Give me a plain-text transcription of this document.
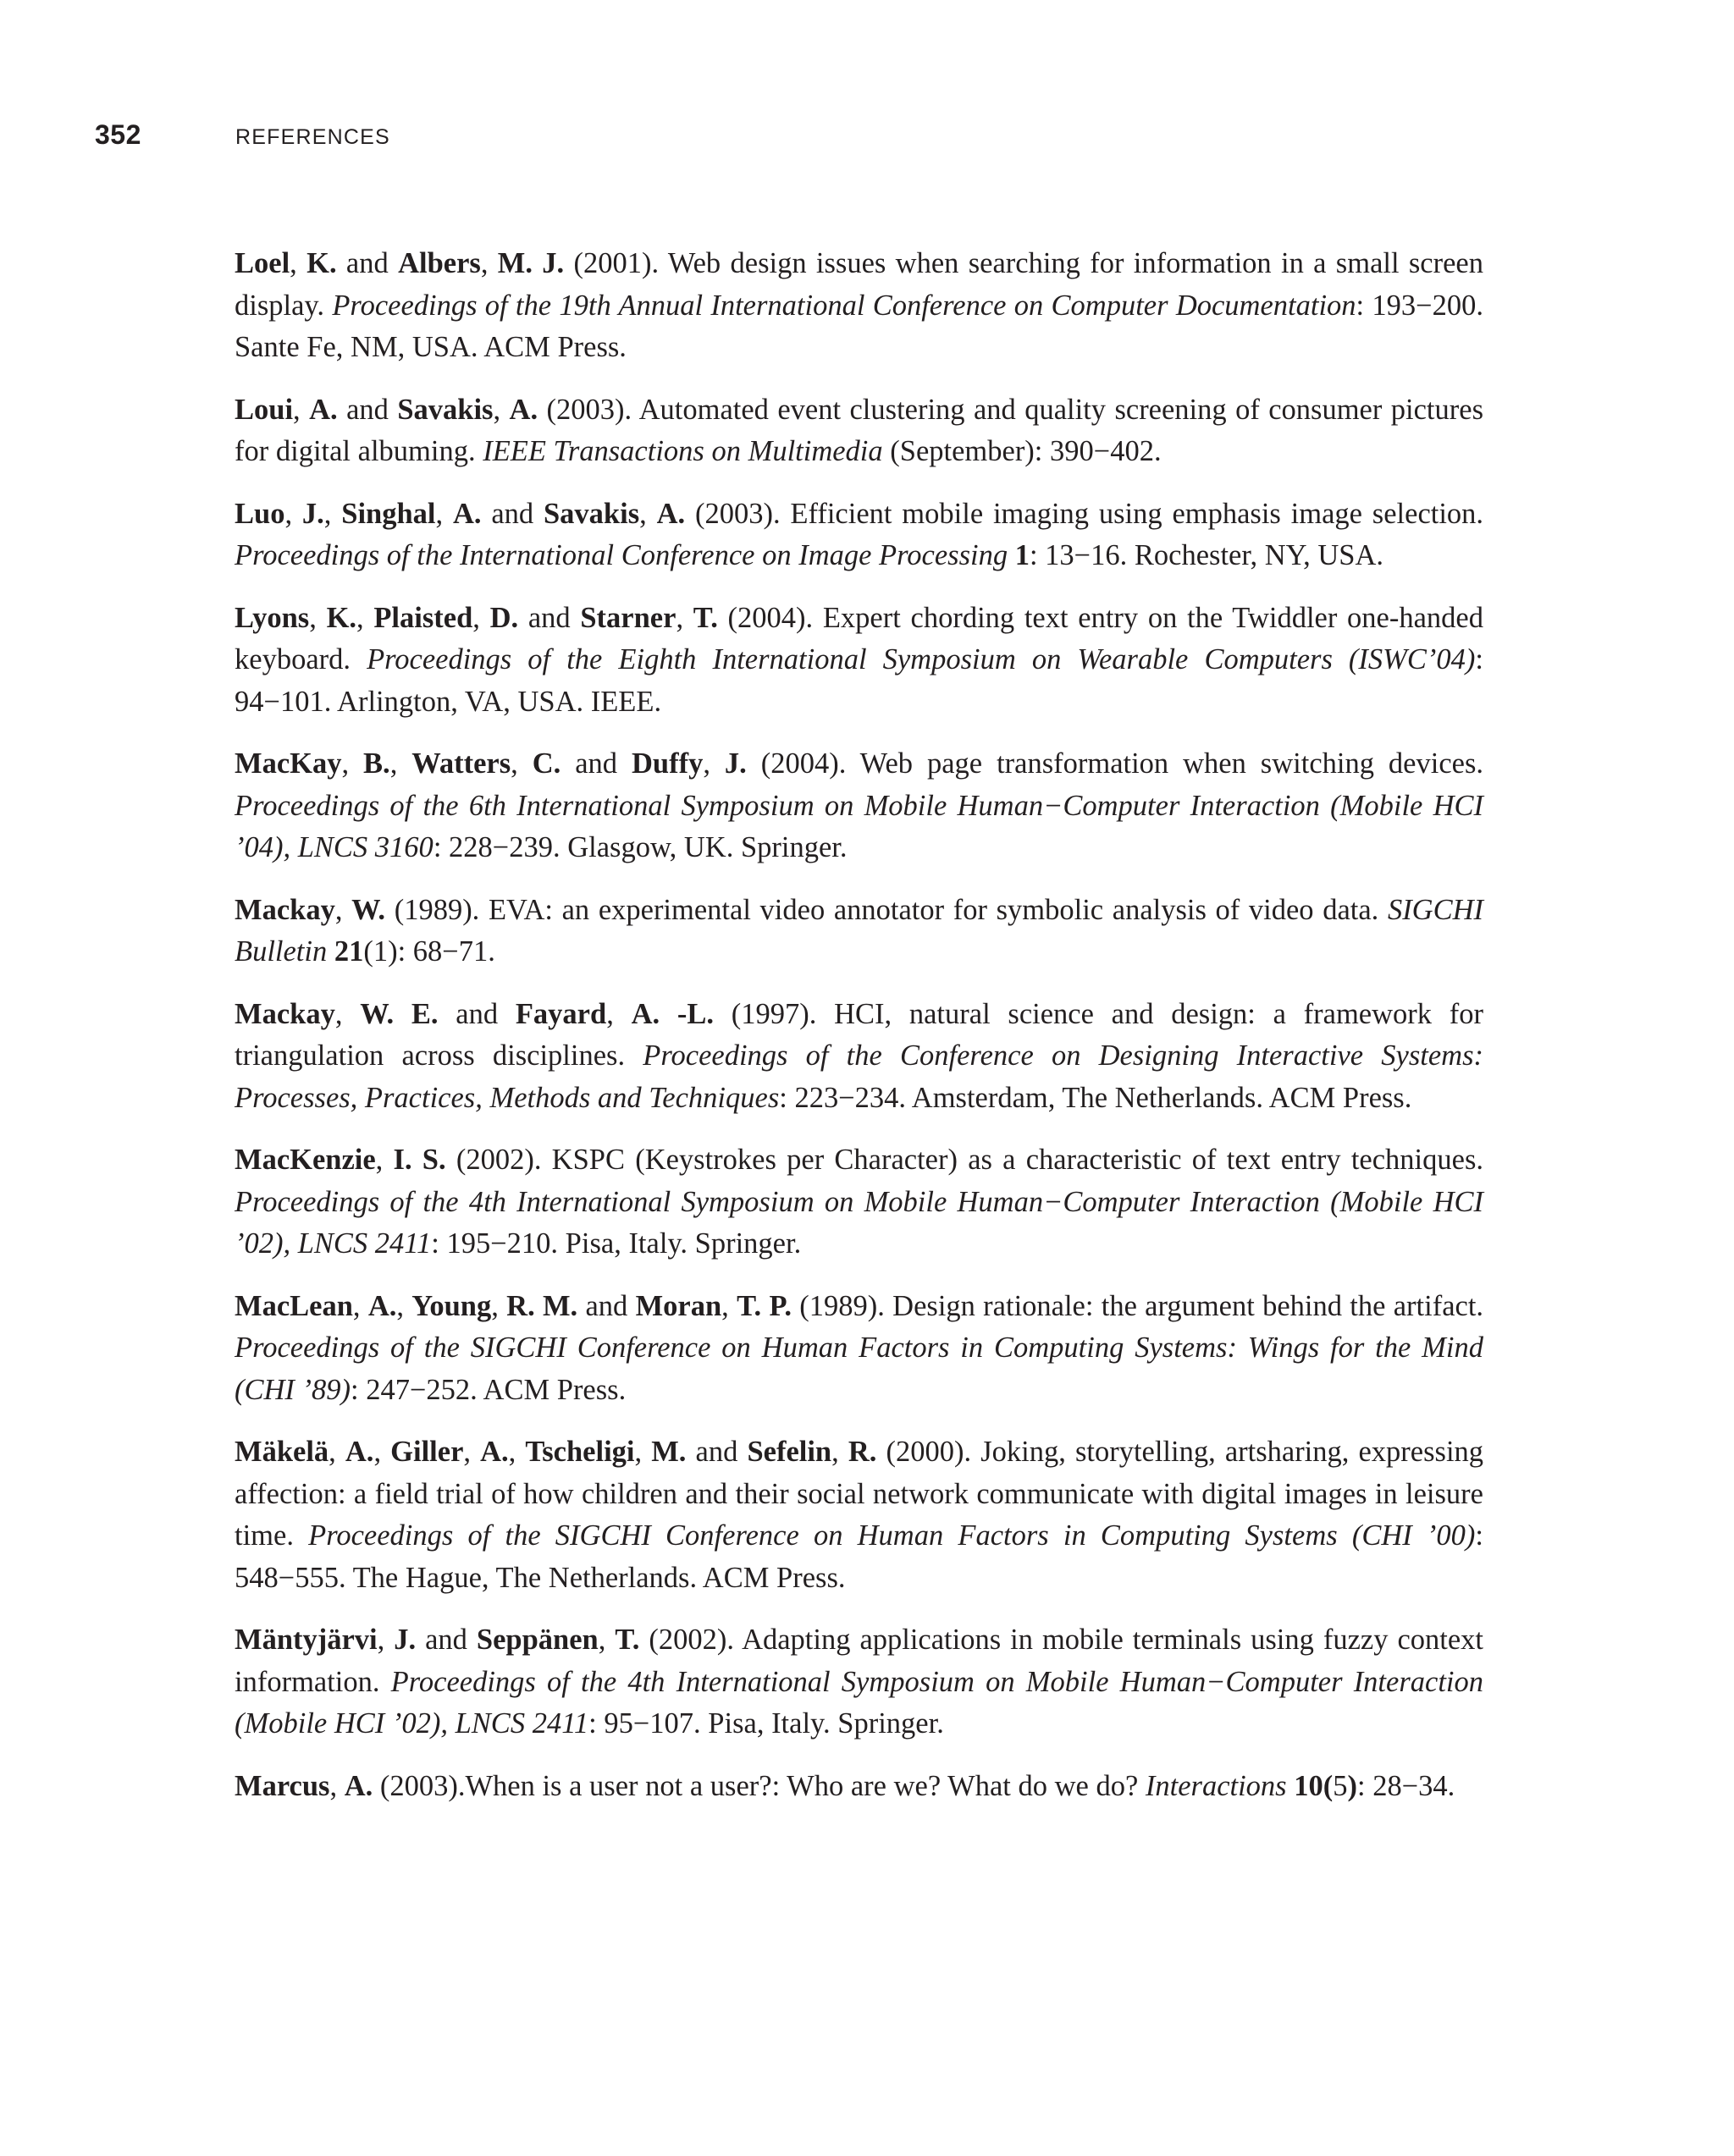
352	REFERENCES

Loel, K. and Albers, M. J. (2001). Web design issues when searching for information in a small screen display. Proceedings of the 19th Annual International Conference on Computer Documentation: 193−200. Sante Fe, NM, USA. ACM Press.

Loui, A. and Savakis, A. (2003). Automated event clustering and quality screening of consumer pictures for digital albuming. IEEE Transactions on Multimedia (September): 390−402.

Luo, J., Singhal, A. and Savakis, A. (2003). Efficient mobile imaging using emphasis image selection. Proceedings of the International Conference on Image Processing 1: 13−16. Rochester, NY, USA.

Lyons, K., Plaisted, D. and Starner, T. (2004). Expert chording text entry on the Twiddler one-handed keyboard. Proceedings of the Eighth International Symposium on Wearable Computers (ISWC’04): 94−101. Arlington, VA, USA. IEEE.

MacKay, B., Watters, C. and Duffy, J. (2004). Web page transformation when switching devices. Proceedings of the 6th International Symposium on Mobile Human−Computer Interaction (Mobile HCI ’04), LNCS 3160: 228−239. Glasgow, UK. Springer.

Mackay, W. (1989). EVA: an experimental video annotator for symbolic analysis of video data. SIGCHI Bulletin 21(1): 68−71.

Mackay, W. E. and Fayard, A. -L. (1997). HCI, natural science and design: a framework for triangulation across disciplines. Proceedings of the Conference on Designing Interactive Systems: Processes, Practices, Methods and Techniques: 223−234. Amsterdam, The Netherlands. ACM Press.

MacKenzie, I. S. (2002). KSPC (Keystrokes per Character) as a characteristic of text entry techniques. Proceedings of the 4th International Symposium on Mobile Human−Computer Interaction (Mobile HCI ’02), LNCS 2411: 195−210. Pisa, Italy. Springer.

MacLean, A., Young, R. M. and Moran, T. P. (1989). Design rationale: the argument behind the artifact. Proceedings of the SIGCHI Conference on Human Factors in Computing Systems: Wings for the Mind (CHI ’89): 247−252. ACM Press.

Mäkelä, A., Giller, A., Tscheligi, M. and Sefelin, R. (2000). Joking, storytelling, artsharing, expressing affection: a field trial of how children and their social network communicate with digital images in leisure time. Proceedings of the SIGCHI Conference on Human Factors in Computing Systems (CHI ’00): 548−555. The Hague, The Netherlands. ACM Press.

Mäntyjärvi, J. and Seppänen, T. (2002). Adapting applications in mobile terminals using fuzzy context information. Proceedings of the 4th International Symposium on Mobile Human−Computer Interaction (Mobile HCI ’02), LNCS 2411: 95−107. Pisa, Italy. Springer.

Marcus, A. (2003).When is a user not a user?: Who are we? What do we do? Interactions 10(5): 28−34.
